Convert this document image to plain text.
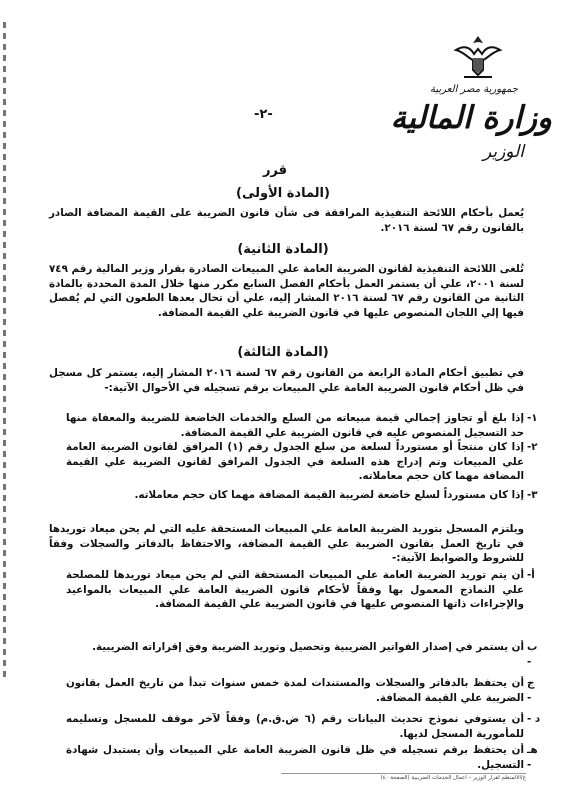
جمهورية مصر العربية
وزارة المالية
الوزير
-٢-
قرر
(المادة الأولى)
يُعمل بأحكام اللائحة التنفيذية المرافقة فى شأن قانون الضريبة على القيمة المضافة الصادر بالقانون رقم ٦٧ لسنة ٢٠١٦.
(المادة الثانية)
تُلغى اللائحة التنفيذية لقانون الضريبة العامة علي المبيعات الصادرة بقرار وزير المالية رقم ٧٤٩ لسنة ٢٠٠١، علي أن يستمر العمل بأحكام الفصل السابع مكرر منها خلال المدة المحددة بالمادة الثانية من القانون رقم ٦٧ لسنة ٢٠١٦ المشار إليه، علي أن تحال بعدها الطعون التي لم يُفصل فيها إلي اللجان المنصوص عليها في قانون الضريبة علي القيمة المضافة.
(المادة الثالثة)
في تطبيق أحكام المادة الرابعة من القانون رقم ٦٧ لسنة ٢٠١٦ المشار إليه، يستمر كل مسجل في ظل أحكام قانون الضريبة العامة علي المبيعات برقم تسجيله في الأحوال الآتية:-
١-
إذا بلغ أو تجاوز إجمالي قيمة مبيعاته من السلع والخدمات الخاضعة للضريبة والمعفاة منها حد التسجيل المنصوص عليه في قانون الضريبة علي القيمة المضافة.
٢-
إذا كان منتجاً أو مستورداً لسلعة من سلع الجدول رقم (١) المرافق لقانون الضريبة العامة علي المبيعات وتم إدراج هذه السلعة في الجدول المرافق لقانون الضريبة علي القيمة المضافة مهما كان حجم معاملاته.
٣-
إذا كان مستورداً لسلع خاضعة لضريبة القيمة المضافة مهما كان حجم معاملاته.
ويلتزم المسجل بتوريد الضريبة العامة علي المبيعات المستحقة عليه التي لم يحن ميعاد توريدها في تاريخ العمل بقانون الضريبة علي القيمة المضافة، والاحتفاظ بالدفاتر والسجلات وفقاً للشروط والضوابط الآتية:-
أ-
أن يتم توريد الضريبة العامة علي المبيعات المستحقة التي لم يحن ميعاد توريدها للمصلحة علي النماذج المعمول بها وفقاً لأحكام قانون الضريبة العامة علي المبيعات بالمواعيد والإجراءات ذاتها المنصوص عليها في قانون الضريبة علي القيمة المضافة.
ب -
أن يستمر في إصدار الفواتير الضريبية وتحصيل وتوريد الضريبة وفق إقراراته الضريبية.
ج -
أن يحتفظ بالدفاتر والسجلات والمستندات لمدة خمس سنوات تبدأ من تاريخ العمل بقانون الضريبة علي القيمة المضافة.
د -
أن يستوفي نموذج تحديث البيانات رقم (٦ ض.ق.م) وفقاً لآخر موقف للمسجل وتسليمه للمأمورية المسجل لديها.
هـ -
أن يحتفظ برقم تسجيله في ظل قانون الضريبة العامة علي المبيعات وأن يستبدل شهادة التسجيل.
ع/الالمنظم لقرار الوزير – أعمال الخدمات الضريبية (الصفحة ٤٠)
